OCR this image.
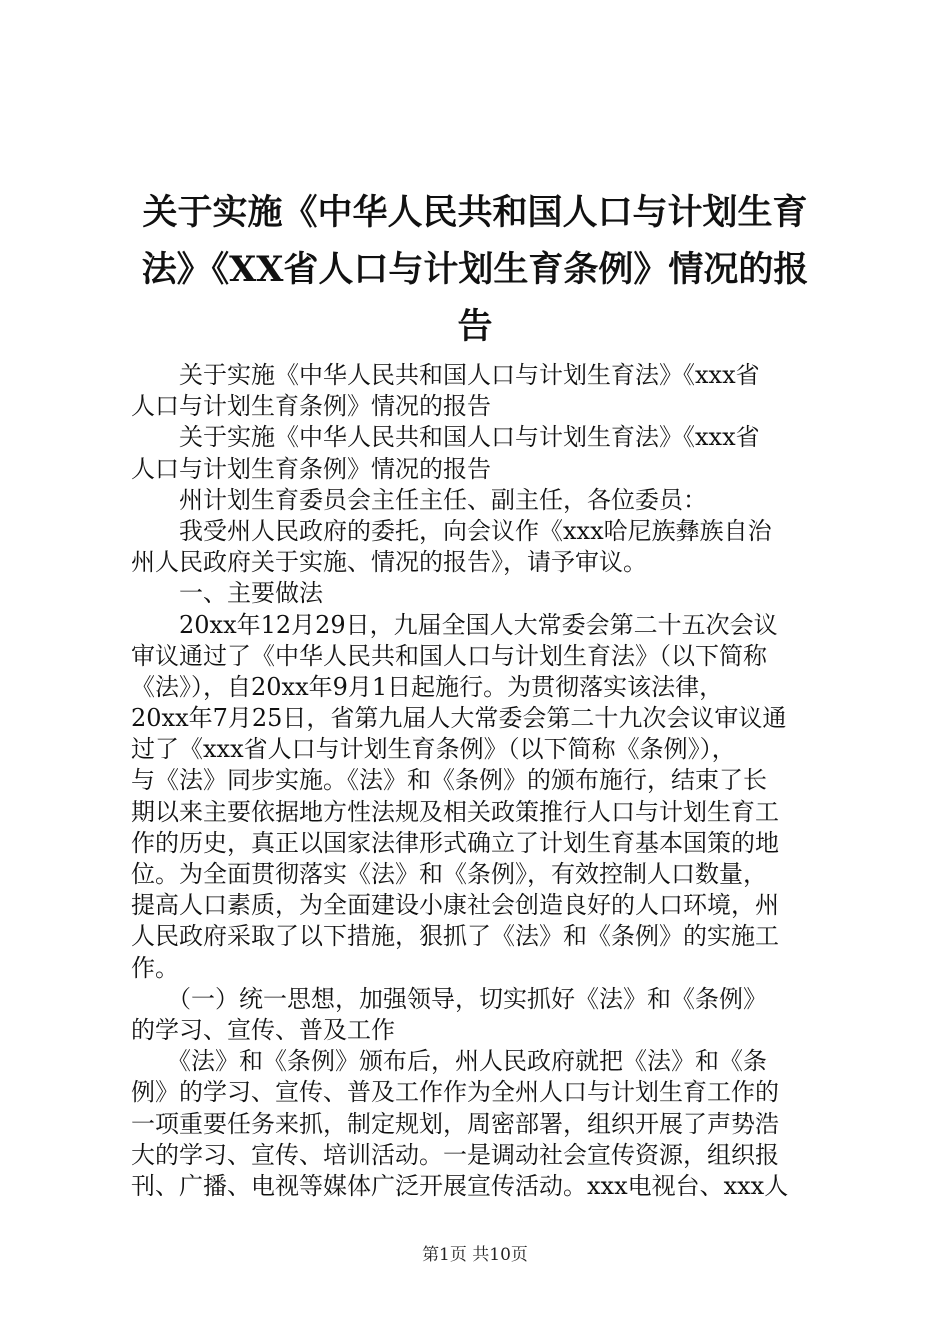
关于实施《中华人民共和国人口与计划生育
法》《XX省人口与计划生育条例》情况的报
告
　　关于实施《中华人民共和国人口与计划生育法》《xxx省
人口与计划生育条例》情况的报告
　　关于实施《中华人民共和国人口与计划生育法》《xxx省
人口与计划生育条例》情况的报告
　　州计划生育委员会主任主任、副主任，各位委员：
　　我受州人民政府的委托，向会议作《xxx哈尼族彝族自治
州人民政府关于实施、情况的报告》，请予审议。
　　一、主要做法
　　20xx年12月29日，九届全国人大常委会第二十五次会议
审议通过了《中华人民共和国人口与计划生育法》（以下简称
《法》），自20xx年9月1日起施行。为贯彻落实该法律，
20xx年7月25日，省第九届人大常委会第二十九次会议审议通
过了《xxx省人口与计划生育条例》（以下简称《条例》），
与《法》同步实施。《法》和《条例》的颁布施行，结束了长
期以来主要依据地方性法规及相关政策推行人口与计划生育工
作的历史，真正以国家法律形式确立了计划生育基本国策的地
位。为全面贯彻落实《法》和《条例》，有效控制人口数量，
提高人口素质，为全面建设小康社会创造良好的人口环境，州
人民政府采取了以下措施，狠抓了《法》和《条例》的实施工
作。
　　（一）统一思想，加强领导，切实抓好《法》和《条例》
的学习、宣传、普及工作
　　《法》和《条例》颁布后，州人民政府就把《法》和《条
例》的学习、宣传、普及工作作为全州人口与计划生育工作的
一项重要任务来抓，制定规划，周密部署，组织开展了声势浩
大的学习、宣传、培训活动。一是调动社会宣传资源，组织报
刊、广播、电视等媒体广泛开展宣传活动。xxx电视台、xxx人
第1页 共10页
